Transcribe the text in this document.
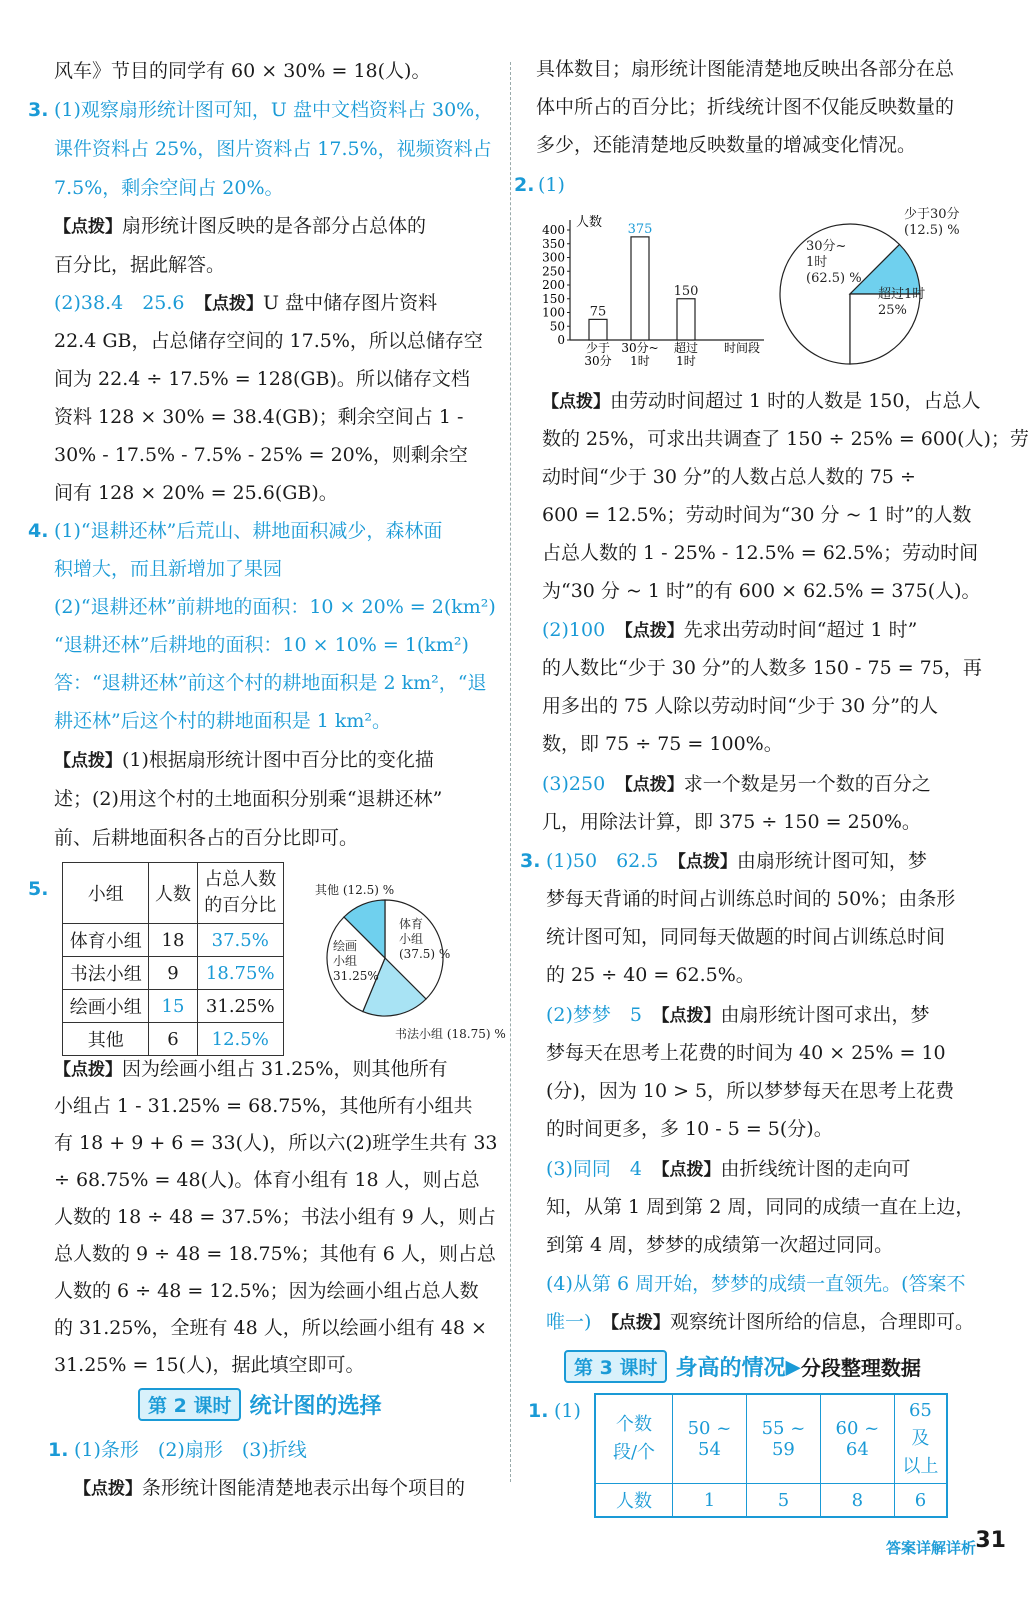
风车》节目的同学有 60 × 30% = 18(人)。
3. (1)观察扇形统计图可知，U 盘中文档资料占 30%，
课件资料占 25%，图片资料占 17.5%，视频资料占
7.5%，剩余空间占 20%。
【点拨】扇形统计图反映的是各部分占总体的
百分比，据此解答。
(2)38.4　25.6　 【点拨】U 盘中储存图片资料
22.4 GB，占总储存空间的 17.5%，所以总储存空
间为 22.4 ÷ 17.5% = 128(GB)。所以储存文档
资料 128 × 30% = 38.4(GB)；剩余空间占 1 -
30% - 17.5% - 7.5% - 25% = 20%，则剩余空
间有 128 × 20% = 25.6(GB)。
4. (1)“退耕还林”后荒山、耕地面积减少，森林面
积增大，而且新增加了果园
(2)“退耕还林”前耕地的面积：10 × 20% = 2(km²)
“退耕还林”后耕地的面积：10 × 10% = 1(km²)
答：“退耕还林”前这个村的耕地面积是 2 km²，“退
耕还林”后这个村的耕地面积是 1 km²。
【点拨】(1)根据扇形统计图中百分比的变化描
述；(2)用这个村的土地面积分别乘“退耕还林”
前、后耕地面积各占的百分比即可。
5. 小组	人数	占总人数
的百分比
体育小组	18	37.5%
书法小组	9	18.75%
绘画小组	15	31.25%
其他	6	12.5%
体育
小组
(37.5) %
书法小组 (18.75) %
绘画
小组
31.25%
其他 (12.5) %
【点拨】因为绘画小组占 31.25%，则其他所有
小组占 1 - 31.25% = 68.75%，其他所有小组共
有 18 + 9 + 6 = 33(人)，所以六(2)班学生共有 33
÷ 68.75% = 48(人)。体育小组有 18 人，则占总
人数的 18 ÷ 48 = 37.5%；书法小组有 9 人，则占
总人数的 9 ÷ 48 = 18.75%；其他有 6 人，则占总
人数的 6 ÷ 48 = 12.5%；因为绘画小组占总人数
的 31.25%，全班有 48 人，所以绘画小组有 48 ×
31.25% = 15(人)，据此填空即可。
第 2 课时 统计图的选择
1. (1)条形　(2)扇形　(3)折线
【点拨】条形统计图能清楚地表示出每个项目的
具体数目；扇形统计图能清楚地反映出各部分在总
体中所占的百分比；折线统计图不仅能反映数量的
多少，还能清楚地反映数量的增减变化情况。
2. (1)
0
50
100
150
200
250
300
350
400 人数
时间段
75
少于
30分
375
30分~
1时
150
超过
1时
30分~
1时
(62.5) %
少于30分
(12.5) %
超过1时
25%
【点拨】由劳动时间超过 1 时的人数是 150，占总人
数的 25%，可求出共调查了 150 ÷ 25% = 600(人)；劳
动时间“少于 30 分”的人数占总人数的 75 ÷
600 = 12.5%；劳动时间为“30 分 ~ 1 时”的人数
占总人数的 1 - 25% - 12.5% = 62.5%；劳动时间
为“30 分 ~ 1 时”的有 600 × 62.5% = 375(人)。
(2)100　 【点拨】先求出劳动时间“超过 1 时”
的人数比“少于 30 分”的人数多 150 - 75 = 75，再
用多出的 75 人除以劳动时间“少于 30 分”的人
数，即 75 ÷ 75 = 100%。
(3)250　 【点拨】求一个数是另一个数的百分之
几，用除法计算，即 375 ÷ 150 = 250%。
3. (1)50　62.5　 【点拨】由扇形统计图可知，梦
梦每天背诵的时间占训练总时间的 50%；由条形
统计图可知，同同每天做题的时间占训练总时间
的 25 ÷ 40 = 62.5%。
(2)梦梦　5　 【点拨】由扇形统计图可求出，梦
梦每天在思考上花费的时间为 40 × 25% = 10
(分)，因为 10 > 5，所以梦梦每天在思考上花费
的时间更多，多 10 - 5 = 5(分)。
(3)同同　4　 【点拨】由折线统计图的走向可
知，从第 1 周到第 2 周，同同的成绩一直在上边，
到第 4 周，梦梦的成绩第一次超过同同。
(4)从第 6 周开始，梦梦的成绩一直领先。(答案不
唯一)　 【点拨】观察统计图所给的信息，合理即可。
第 3 课时 身高的情况▶分段整理数据
1. (1)
个数
段/个	50 ~ 54	55 ~ 59	60 ~ 64	65 及
以上
人数	1	5	8	6
答案详解详析 31
